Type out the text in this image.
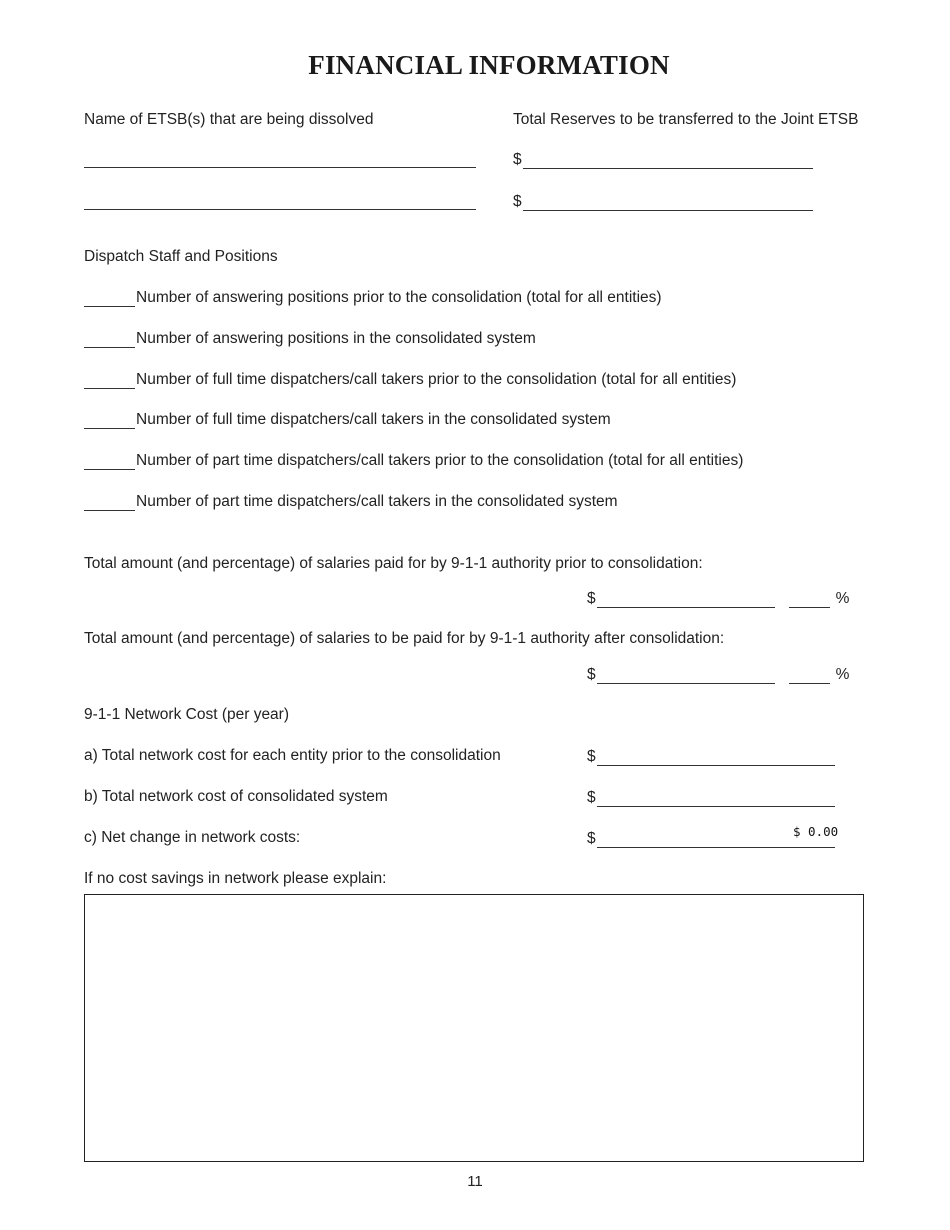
FINANCIAL INFORMATION
Name of ETSB(s) that are being dissolved	Total Reserves to be transferred to the Joint ETSB
$
$
Dispatch Staff and Positions
Number of answering positions prior to the consolidation (total for all entities)
Number of answering positions in the consolidated system
Number of full time dispatchers/call takers prior to the consolidation (total for all entities)
Number of full time dispatchers/call takers in the consolidated system
Number of part time dispatchers/call takers prior to the consolidation (total for all entities)
Number of part time dispatchers/call takers in the consolidated system
Total amount (and percentage) of salaries paid for by 9-1-1 authority prior to consolidation:
$	%
Total amount (and percentage) of salaries to be paid for by 9-1-1 authority after consolidation:
$	%
9-1-1 Network Cost (per year)
a) Total network cost for each entity prior to the consolidation	$
b) Total network cost of consolidated system	$
c) Net change in network costs:	$	$ 0.00
If no cost savings in network please explain:
11
